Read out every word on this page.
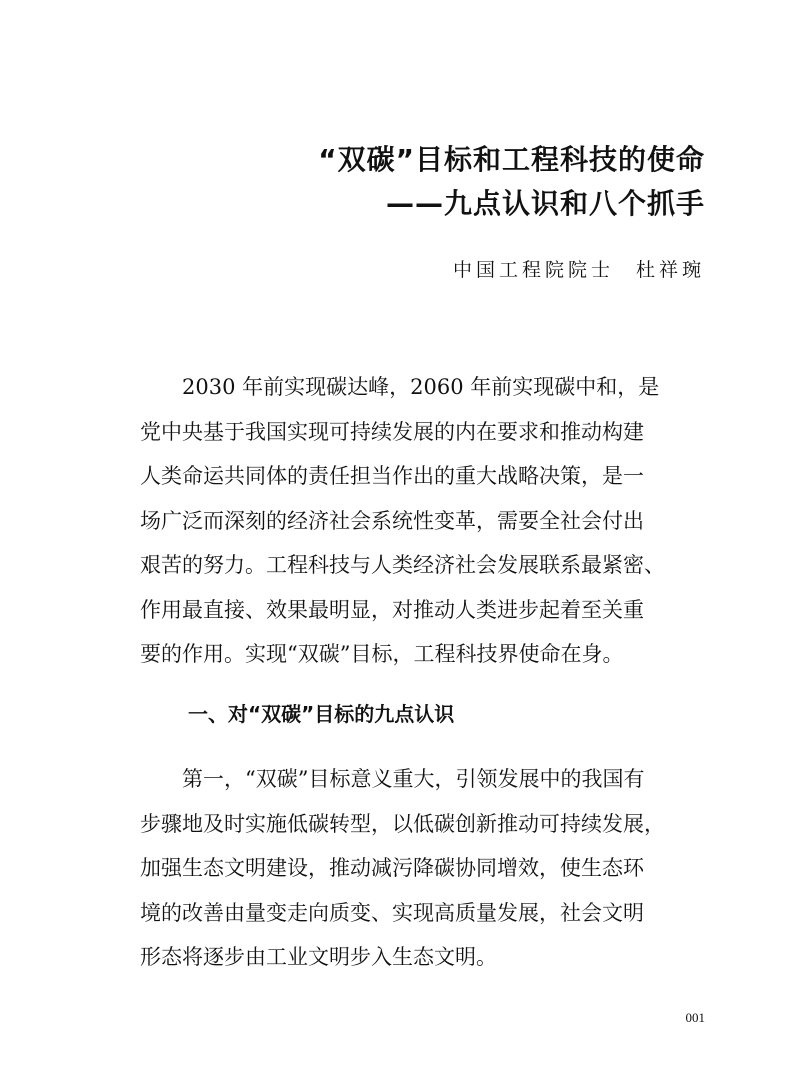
“双碳”目标和工程科技的使命
——九点认识和八个抓手
中国工程院院士 杜祥琬
　　2030 年前实现碳达峰，2060 年前实现碳中和，是
党中央基于我国实现可持续发展的内在要求和推动构建
人类命运共同体的责任担当作出的重大战略决策，是一
场广泛而深刻的经济社会系统性变革，需要全社会付出
艰苦的努力。工程科技与人类经济社会发展联系最紧密、
作用最直接、效果最明显，对推动人类进步起着至关重
要的作用。实现“双碳”目标，工程科技界使命在身。
一、对“双碳”目标的九点认识
　　第一，“双碳”目标意义重大，引领发展中的我国有
步骤地及时实施低碳转型，以低碳创新推动可持续发展，
加强生态文明建设，推动减污降碳协同增效，使生态环
境的改善由量变走向质变、实现高质量发展，社会文明
形态将逐步由工业文明步入生态文明。
001
